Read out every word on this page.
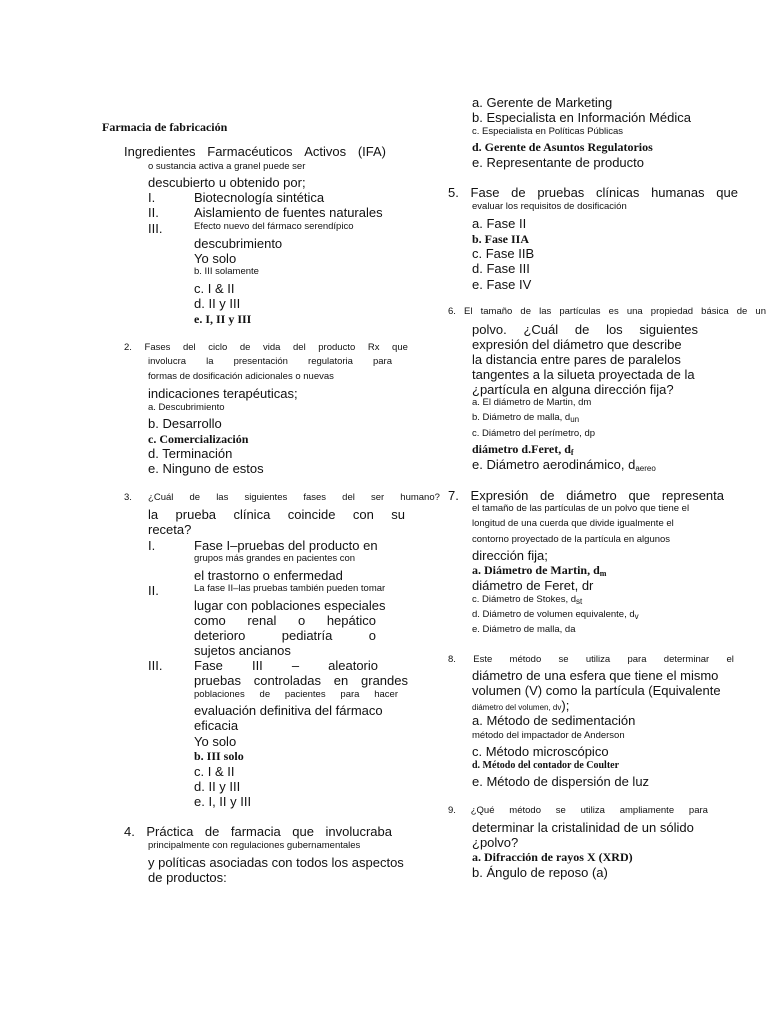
Farmacia de fabricación
Ingredientes Farmacéuticos Activos (IFA)
o sustancia activa a granel puede ser
descubierto u obtenido por;
I.	Biotecnología sintética
II.	Aislamiento de fuentes naturales
III.	Efecto nuevo del fármaco serendípico
descubrimiento
Yo solo
b. III solamente
c. I & II
d. II y III
e. I, II y III
2. Fases del ciclo de vida del producto Rx que
involucra la presentación regulatoria para
formas de dosificación adicionales o nuevas
indicaciones terapéuticas;
a. Descubrimiento
b. Desarrollo
c. Comercialización
d. Terminación
e. Ninguno de estos
3. ¿Cuál de las siguientes fases del ser humano?
la prueba clínica coincide con su
receta?
I.	Fase I–pruebas del producto en
grupos más grandes en pacientes con
el trastorno o enfermedad
II.	La fase II–las pruebas también pueden tomar
lugar con poblaciones especiales
como renal o hepático
deterioro	pediatría	o
sujetos ancianos
III. Fase III – aleatorio
pruebas controladas en grandes
poblaciones de pacientes para hacer
evaluación definitiva del fármaco
eficacia
Yo solo
b. III solo
c. I & II
d. II y III
e. I, II y III
4. Práctica de farmacia que involucraba
principalmente con regulaciones gubernamentales
y políticas asociadas con todos los aspectos
de productos:
a. Gerente de Marketing
b. Especialista en Información Médica
c. Especialista en Políticas Públicas
d. Gerente de Asuntos Regulatorios
e. Representante de producto
5. Fase de pruebas clínicas humanas que
evaluar los requisitos de dosificación
a. Fase II
b. Fase IIA
c. Fase IIB
d. Fase III
e. Fase IV
6. El tamaño de las partículas es una propiedad básica de un
polvo. ¿Cuál de los siguientes
expresión del diámetro que describe
la distancia entre pares de paralelos
tangentes a la silueta proyectada de la
¿partícula en alguna dirección fija?
a. El diámetro de Martin, dm
b. Diámetro de malla, $d_{un}$
c. Diámetro del perímetro, dp
diámetro d.Feret, $d_f$
e. Diámetro aerodinámico, $d_{aereo}$
7. Expresión de diámetro que representa
el tamaño de las partículas de un polvo que tiene el
longitud de una cuerda que divide igualmente el
contorno proyectado de la partícula en algunos
dirección fija;
a. Diámetro de Martin, $d_m$
diámetro de Feret, dr
c. Diámetro de Stokes, $d_{st}$
d. Diámetro de volumen equivalente, $d_v$
e. Diámetro de malla, da
8. Este método se utiliza para determinar el
diámetro de una esfera que tiene el mismo
volumen (V) como la partícula (Equivalente
diámetro del volumen, dv);
a. Método de sedimentación
método del impactador de Anderson
c. Método microscópico
d. Método del contador de Coulter
e. Método de dispersión de luz
9. ¿Qué método se utiliza ampliamente para
determinar la cristalinidad de un sólido
¿polvo?
a. Difracción de rayos X (XRD)
b. Ángulo de reposo (a)
